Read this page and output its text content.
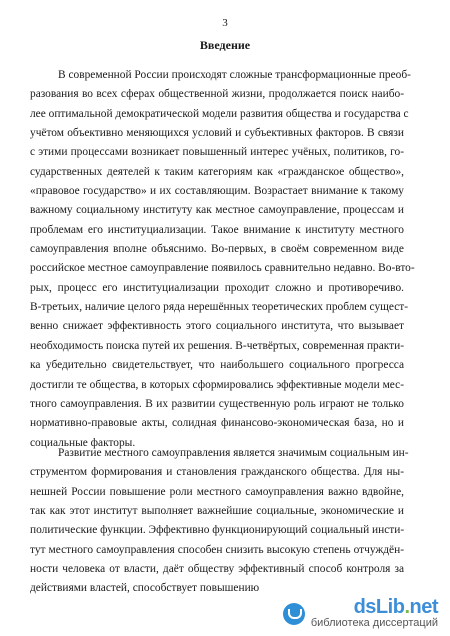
3
Введение
В современной России происходят сложные трансформационные преоб-
разования во всех сферах общественной жизни, продолжается поиск наибо-
лее оптимальной демократической модели развития общества и государства с
учётом объективно меняющихся условий и субъективных факторов. В связи
с этими процессами возникает повышенный интерес учёных, политиков, го-
сударственных деятелей к таким категориям как «гражданское общество»,
«правовое государство» и их составляющим. Возрастает внимание к такому
важному социальному институту как местное самоуправление, процессам и
проблемам его институциализации. Такое внимание к институту местного
самоуправления вполне объяснимо. Во-первых, в своём современном виде
российское местное самоуправление появилось сравнительно недавно. Во-вто-
рых, процесс его институциализации проходит сложно и противоречиво.
В-третьих, наличие целого ряда нерешённых теоретических проблем сущест-
венно снижает эффективность этого социального института, что вызывает
необходимость поиска путей их решения. В-четвёртых, современная практи-
ка убедительно свидетельствует, что наибольшего социального прогресса
достигли те общества, в которых сформировались эффективные модели мес-
тного самоуправления. В их развитии существенную роль играют не только
нормативно-правовые акты, солидная финансово-экономическая база, но и
социальные факторы.
Развитие местного самоуправления является значимым социальным ин-
струментом формирования и становления гражданского общества. Для ны-
нешней России повышение роли местного самоуправления важно вдвойне,
так как этот институт выполняет важнейшие социальные, экономические и
политические функции. Эффективно функционирующий социальный инсти-
тут местного самоуправления способен снизить высокую степень отчуждён-
ности человека от власти, даёт обществу эффективный способ контроля за
действиями властей, способствует повышению
dsLib.net
библиотека диссертаций
